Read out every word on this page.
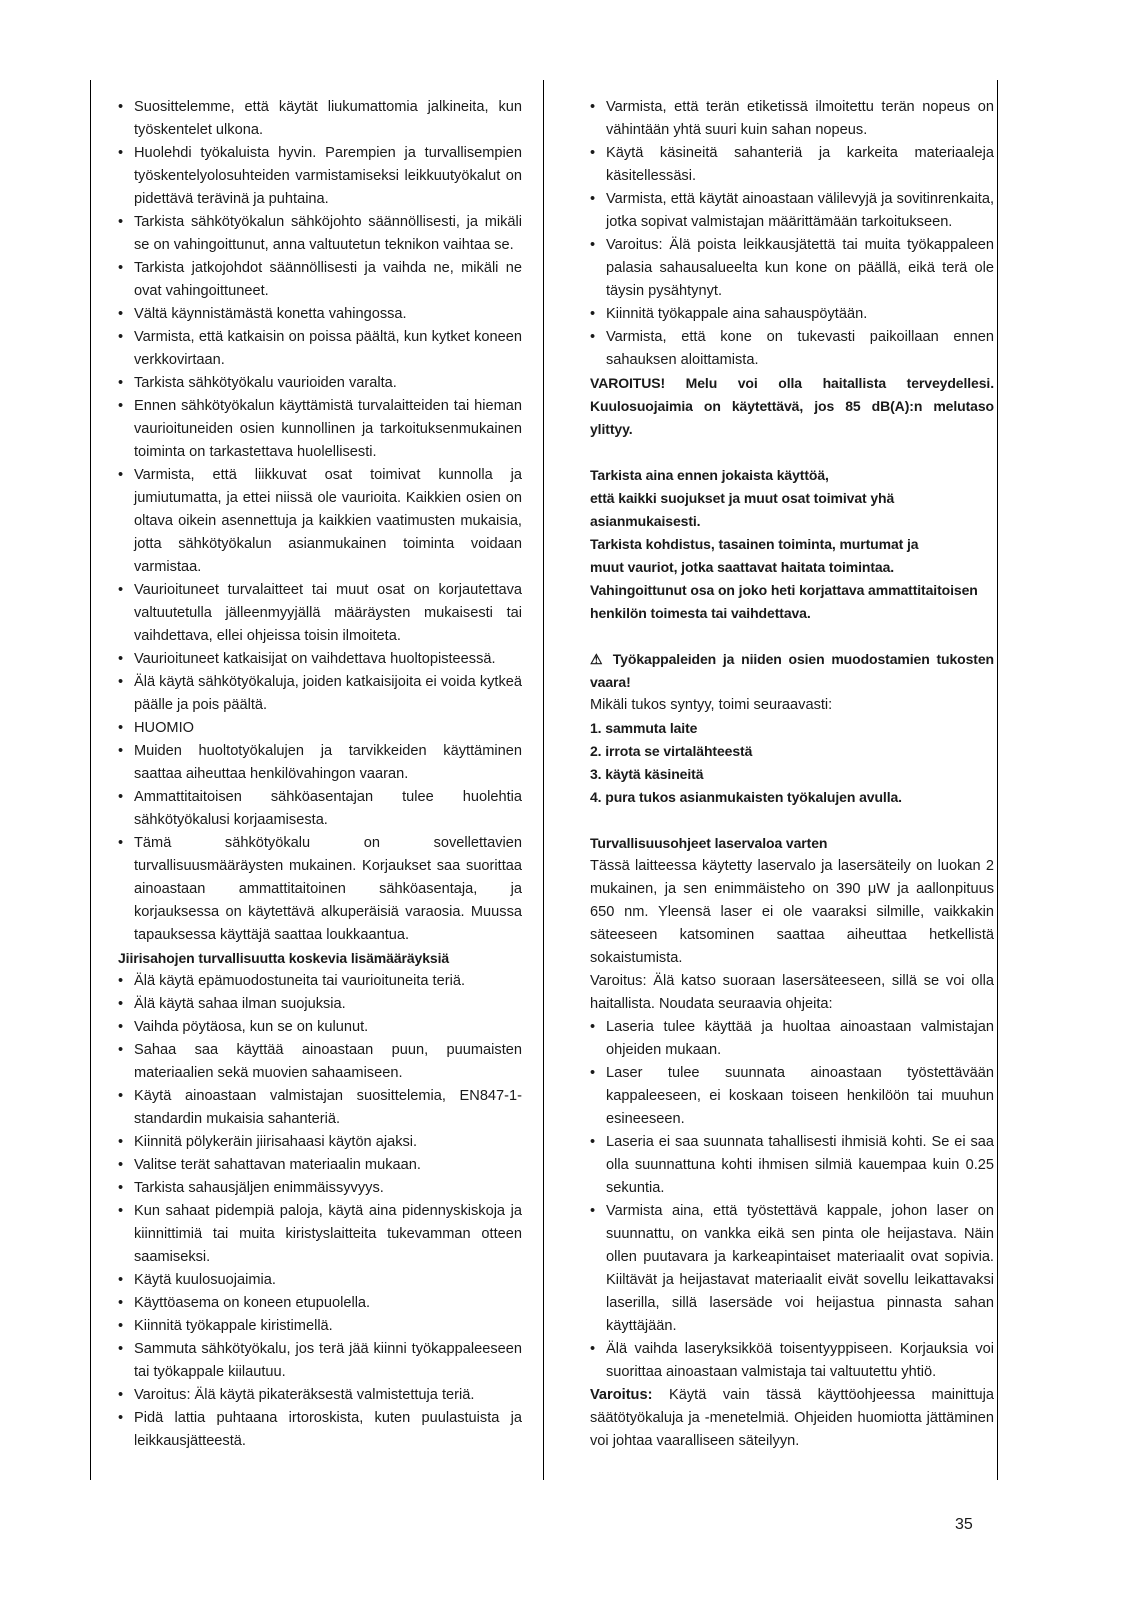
• Suosittelemme, että käytät liukumattomia jalkineita, kun työskentelet ulkona.
• Huolehdi työkaluista hyvin. Parempien ja turvallisempien työskentelyolosuhteiden varmistamiseksi leikkuutyökalut on pidettävä terävinä ja puhtaina.
• Tarkista sähkötyökalun sähköjohto säännöllisesti, ja mikäli se on vahingoittunut, anna valtuutetun teknikon vaihtaa se.
• Tarkista jatkojohdot säännöllisesti ja vaihda ne, mikäli ne ovat vahingoittuneet.
• Vältä käynnistämästä konetta vahingossa.
• Varmista, että katkaisin on poissa päältä, kun kytket koneen verkkovirtaan.
• Tarkista sähkötyökalu vaurioiden varalta.
• Ennen sähkötyökalun käyttämistä turvalaitteiden tai hieman vaurioituneiden osien kunnollinen ja tarkoituksenmukainen toiminta on tarkastettava huolellisesti.
• Varmista, että liikkuvat osat toimivat kunnolla ja jumiutumatta, ja ettei niissä ole vaurioita. Kaikkien osien on oltava oikein asennettuja ja kaikkien vaatimusten mukaisia, jotta sähkötyökalun asianmukainen toiminta voidaan varmistaa.
• Vaurioituneet turvalaitteet tai muut osat on korjautettava valtuutetulla jälleenmyyjällä määräysten mukaisesti tai vaihdettava, ellei ohjeissa toisin ilmoiteta.
• Vaurioituneet katkaisijat on vaihdettava huoltopisteessä.
• Älä käytä sähkötyökaluja, joiden katkaisijoita ei voida kytkeä päälle ja pois päältä.
• HUOMIO
• Muiden huoltotyökalujen ja tarvikkeiden käyttäminen saattaa aiheuttaa henkilövahingon vaaran.
• Ammattitaitoisen sähköasentajan tulee huolehtia sähkötyökalusi korjaamisesta.
• Tämä sähkötyökalu on sovellettavien turvallisuusmääräysten mukainen. Korjaukset saa suorittaa ainoastaan ammattitaitoinen sähköasentaja, ja korjauksessa on käytettävä alkuperäisiä varaosia. Muussa tapauksessa käyttäjä saattaa loukkaantua.
Jiirisahojen turvallisuutta koskevia lisämääräyksiä
• Älä käytä epämuodostuneita tai vaurioituneita teriä.
• Älä käytä sahaa ilman suojuksia.
• Vaihda pöytäosa, kun se on kulunut.
• Sahaa saa käyttää ainoastaan puun, puumaisten materiaalien sekä muovien sahaamiseen.
• Käytä ainoastaan valmistajan suosittelemia, EN847-1-standardin mukaisia sahanteriä.
• Kiinnitä pölykeräin jiirisahaasi käytön ajaksi.
• Valitse terät sahattavan materiaalin mukaan.
• Tarkista sahausjäljen enimmäissyvyys.
• Kun sahaat pidempiä paloja, käytä aina pidennyskiskoja ja kiinnittimiä tai muita kiristyslaitteita tukevamman otteen saamiseksi.
• Käytä kuulosuojaimia.
• Käyttöasema on koneen etupuolella.
• Kiinnitä työkappale kiristimellä.
• Sammuta sähkötyökalu, jos terä jää kiinni työkappaleeseen tai työkappale kiilautuu.
• Varoitus: Älä käytä pikateräksestä valmistettuja teriä.
• Pidä lattia puhtaana irtoroskista, kuten puulastuista ja leikkausjätteestä.
• Varmista, että terän etiketissä ilmoitettu terän nopeus on vähintään yhtä suuri kuin sahan nopeus.
• Käytä käsineitä sahanteriä ja karkeita materiaaleja käsitellessäsi.
• Varmista, että käytät ainoastaan välilevyjä ja sovitinrenkaita, jotka sopivat valmistajan määrittämään tarkoitukseen.
• Varoitus: Älä poista leikkausjätettä tai muita työkappaleen palasia sahausalueelta kun kone on päällä, eikä terä ole täysin pysähtynyt.
• Kiinnitä työkappale aina sahauspöytään.
• Varmista, että kone on tukevasti paikoillaan ennen sahauksen aloittamista.

VAROITUS! Melu voi olla haitallista terveydellesi. Kuulosuojaimia on käytettävä, jos 85 dB(A):n melutaso ylittyy.

Tarkista aina ennen jokaista käyttöä,
että kaikki suojukset ja muut osat toimivat yhä asianmukaisesti.
Tarkista kohdistus, tasainen toiminta, murtumat ja
muut vauriot, jotka saattavat haitata toimintaa.
Vahingoittunut osa on joko heti korjattava ammattitaitoisen henkilön toimesta tai vaihdettava.

⚠ Työkappaleiden ja niiden osien muodostamien tukosten vaara!

Mikäli tukos syntyy, toimi seuraavasti:

1. sammuta laite
2. irrota se virtalähteestä
3. käytä käsineitä
4. pura tukos asianmukaisten työkalujen avulla.
Turvallisuusohjeet laservaloa varten

Tässä laitteessa käytetty laservalo ja lasersäteily on luokan 2 mukainen, ja sen enimmäisteho on 390 μW ja aallonpituus 650 nm. Yleensä laser ei ole vaaraksi silmille, vaikkakin säteeseen katsominen saattaa aiheuttaa hetkellistä sokaistumista.

Varoitus: Älä katso suoraan lasersäteeseen, sillä se voi olla haitallista. Noudata seuraavia ohjeita:

• Laseria tulee käyttää ja huoltaa ainoastaan valmistajan ohjeiden mukaan.
• Laser tulee suunnata ainoastaan työstettävään kappaleeseen, ei koskaan toiseen henkilöön tai muuhun esineeseen.
• Laseria ei saa suunnata tahallisesti ihmisiä kohti. Se ei saa olla suunnattuna kohti ihmisen silmiä kauempaa kuin 0.25 sekuntia.
• Varmista aina, että työstettävä kappale, johon laser on suunnattu, on vankka eikä sen pinta ole heijastava. Näin ollen puutavara ja karkeapintaiset materiaalit ovat sopivia. Kiiltävät ja heijastavat materiaalit eivät sovellu leikattavaksi laserilla, sillä lasersäde voi heijastua pinnasta sahan käyttäjään.
• Älä vaihda laseryksikköä toisentyyppiseen. Korjauksia voi suorittaa ainoastaan valmistaja tai valtuutettu yhtiö.

Varoitus: Käytä vain tässä käyttöohjeessa mainittuja säätötyökaluja ja -menetelmiä. Ohjeiden huomiotta jättäminen voi johtaa vaaralliseen säteilyyn.

35
